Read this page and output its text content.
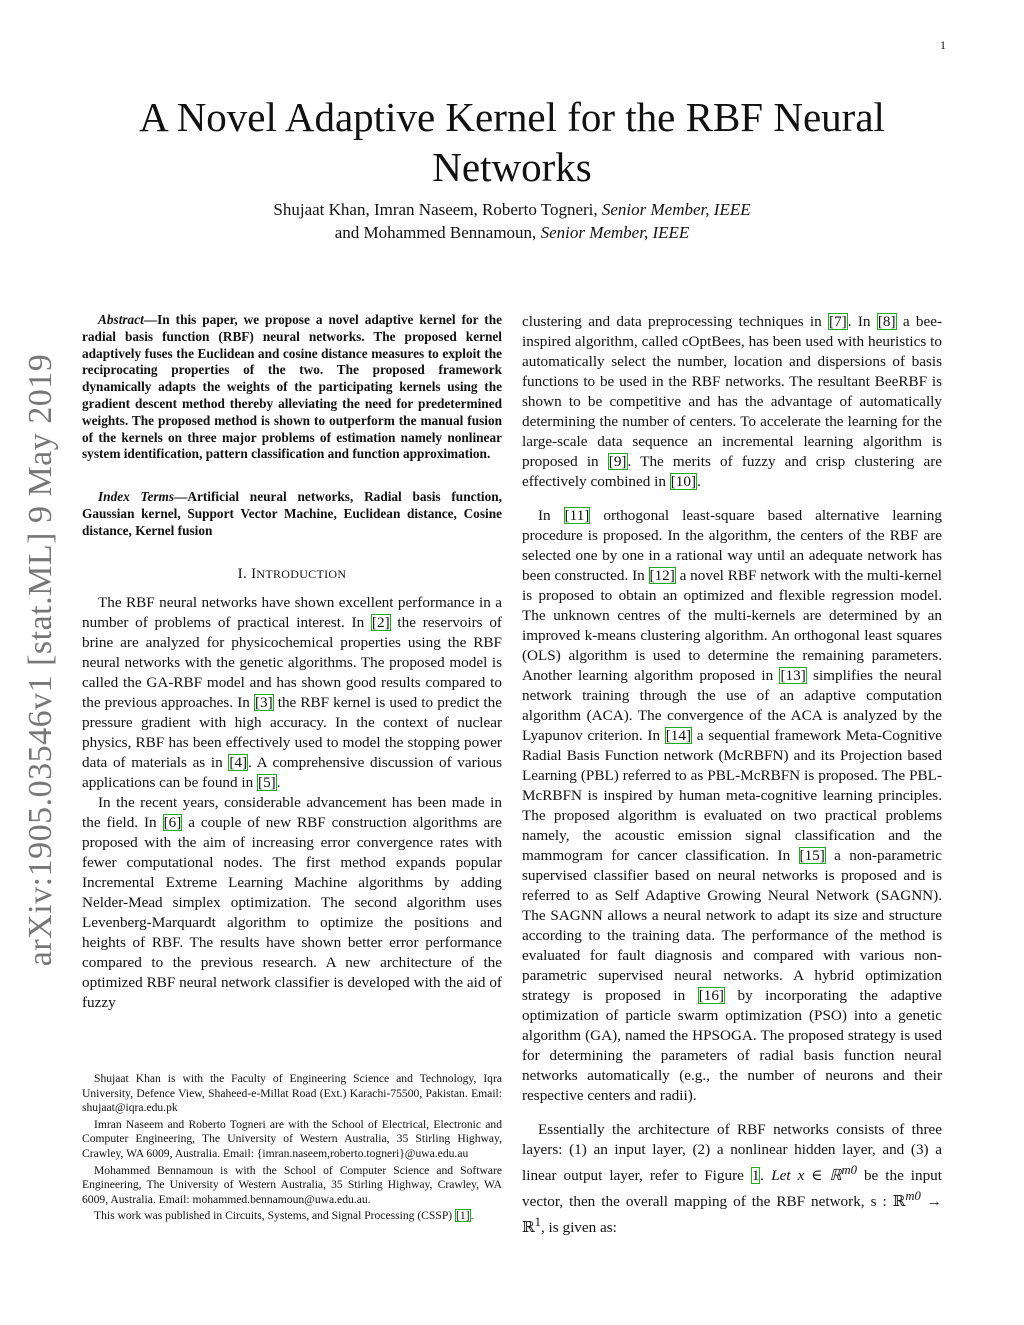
1
arXiv:1905.03546v1 [stat.ML] 9 May 2019
A Novel Adaptive Kernel for the RBF Neural Networks
Shujaat Khan, Imran Naseem, Roberto Togneri, Senior Member, IEEE
and Mohammed Bennamoun, Senior Member, IEEE

Abstract—In this paper, we propose a novel adaptive kernel for the radial basis function (RBF) neural networks. The proposed kernel adaptively fuses the Euclidean and cosine distance measures to exploit the reciprocating properties of the two. The proposed framework dynamically adapts the weights of the participating kernels using the gradient descent method thereby alleviating the need for predetermined weights. The proposed method is shown to outperform the manual fusion of the kernels on three major problems of estimation namely nonlinear system identification, pattern classification and function approximation.

Index Terms—Artificial neural networks, Radial basis function, Gaussian kernel, Support Vector Machine, Euclidean distance, Cosine distance, Kernel fusion

I. INTRODUCTION

The RBF neural networks have shown excellent performance in a number of problems of practical interest. In [2] the reservoirs of brine are analyzed for physicochemical properties using the RBF neural networks with the genetic algorithms. The proposed model is called the GA-RBF model and has shown good results compared to the previous approaches. In [3] the RBF kernel is used to predict the pressure gradient with high accuracy. In the context of nuclear physics, RBF has been effectively used to model the stopping power data of materials as in [4]. A comprehensive discussion of various applications can be found in [5].

In the recent years, considerable advancement has been made in the field. In [6] a couple of new RBF construction algorithms are proposed with the aim of increasing error convergence rates with fewer computational nodes. The first method expands popular Incremental Extreme Learning Machine algorithms by adding Nelder-Mead simplex optimization. The second algorithm uses Levenberg-Marquardt algorithm to optimize the positions and heights of RBF. The results have shown better error performance compared to the previous research. A new architecture of the optimized RBF neural network classifier is developed with the aid of fuzzy

Shujaat Khan is with the Faculty of Engineering Science and Technology, Iqra University, Defence View, Shaheed-e-Millat Road (Ext.) Karachi-75500, Pakistan. Email: shujaat@iqra.edu.pk

Imran Naseem and Roberto Togneri are with the School of Electrical, Electronic and Computer Engineering, The University of Western Australia, 35 Stirling Highway, Crawley, WA 6009, Australia. Email: {imran.naseem,roberto.togneri}@uwa.edu.au

Mohammed Bennamoun is with the School of Computer Science and Software Engineering, The University of Western Australia, 35 Stirling Highway, Crawley, WA 6009, Australia. Email: mohammed.bennamoun@uwa.edu.au.

This work was published in Circuits, Systems, and Signal Processing (CSSP) [1].

clustering and data preprocessing techniques in [7]. In [8] a bee-inspired algorithm, called cOptBees, has been used with heuristics to automatically select the number, location and dispersions of basis functions to be used in the RBF networks. The resultant BeeRBF is shown to be competitive and has the advantage of automatically determining the number of centers. To accelerate the learning for the large-scale data sequence an incremental learning algorithm is proposed in [9]. The merits of fuzzy and crisp clustering are effectively combined in [10].

In [11] orthogonal least-square based alternative learning procedure is proposed. In the algorithm, the centers of the RBF are selected one by one in a rational way until an adequate network has been constructed. In [12] a novel RBF network with the multi-kernel is proposed to obtain an optimized and flexible regression model. The unknown centres of the multi-kernels are determined by an improved k-means clustering algorithm. An orthogonal least squares (OLS) algorithm is used to determine the remaining parameters. Another learning algorithm proposed in [13] simplifies the neural network training through the use of an adaptive computation algorithm (ACA). The convergence of the ACA is analyzed by the Lyapunov criterion. In [14] a sequential framework Meta-Cognitive Radial Basis Function network (McRBFN) and its Projection based Learning (PBL) referred to as PBL-McRBFN is proposed. The PBL-McRBFN is inspired by human meta-cognitive learning principles. The proposed algorithm is evaluated on two practical problems namely, the acoustic emission signal classification and the mammogram for cancer classification. In [15] a non-parametric supervised classifier based on neural networks is proposed and is referred to as Self Adaptive Growing Neural Network (SAGNN). The SAGNN allows a neural network to adapt its size and structure according to the training data. The performance of the method is evaluated for fault diagnosis and compared with various non-parametric supervised neural networks. A hybrid optimization strategy is proposed in [16] by incorporating the adaptive optimization of particle swarm optimization (PSO) into a genetic algorithm (GA), named the HPSOGA. The proposed strategy is used for determining the parameters of radial basis function neural networks automatically (e.g., the number of neurons and their respective centers and radii).

Essentially the architecture of RBF networks consists of three layers: (1) an input layer, (2) a nonlinear hidden layer, and (3) a linear output layer, refer to Figure 1. Let x ∈ ℝ$^{m0}$ be the input vector, then the overall mapping of the RBF network, s : ℝ$^{m0}$ → ℝ$^1$, is given as:
